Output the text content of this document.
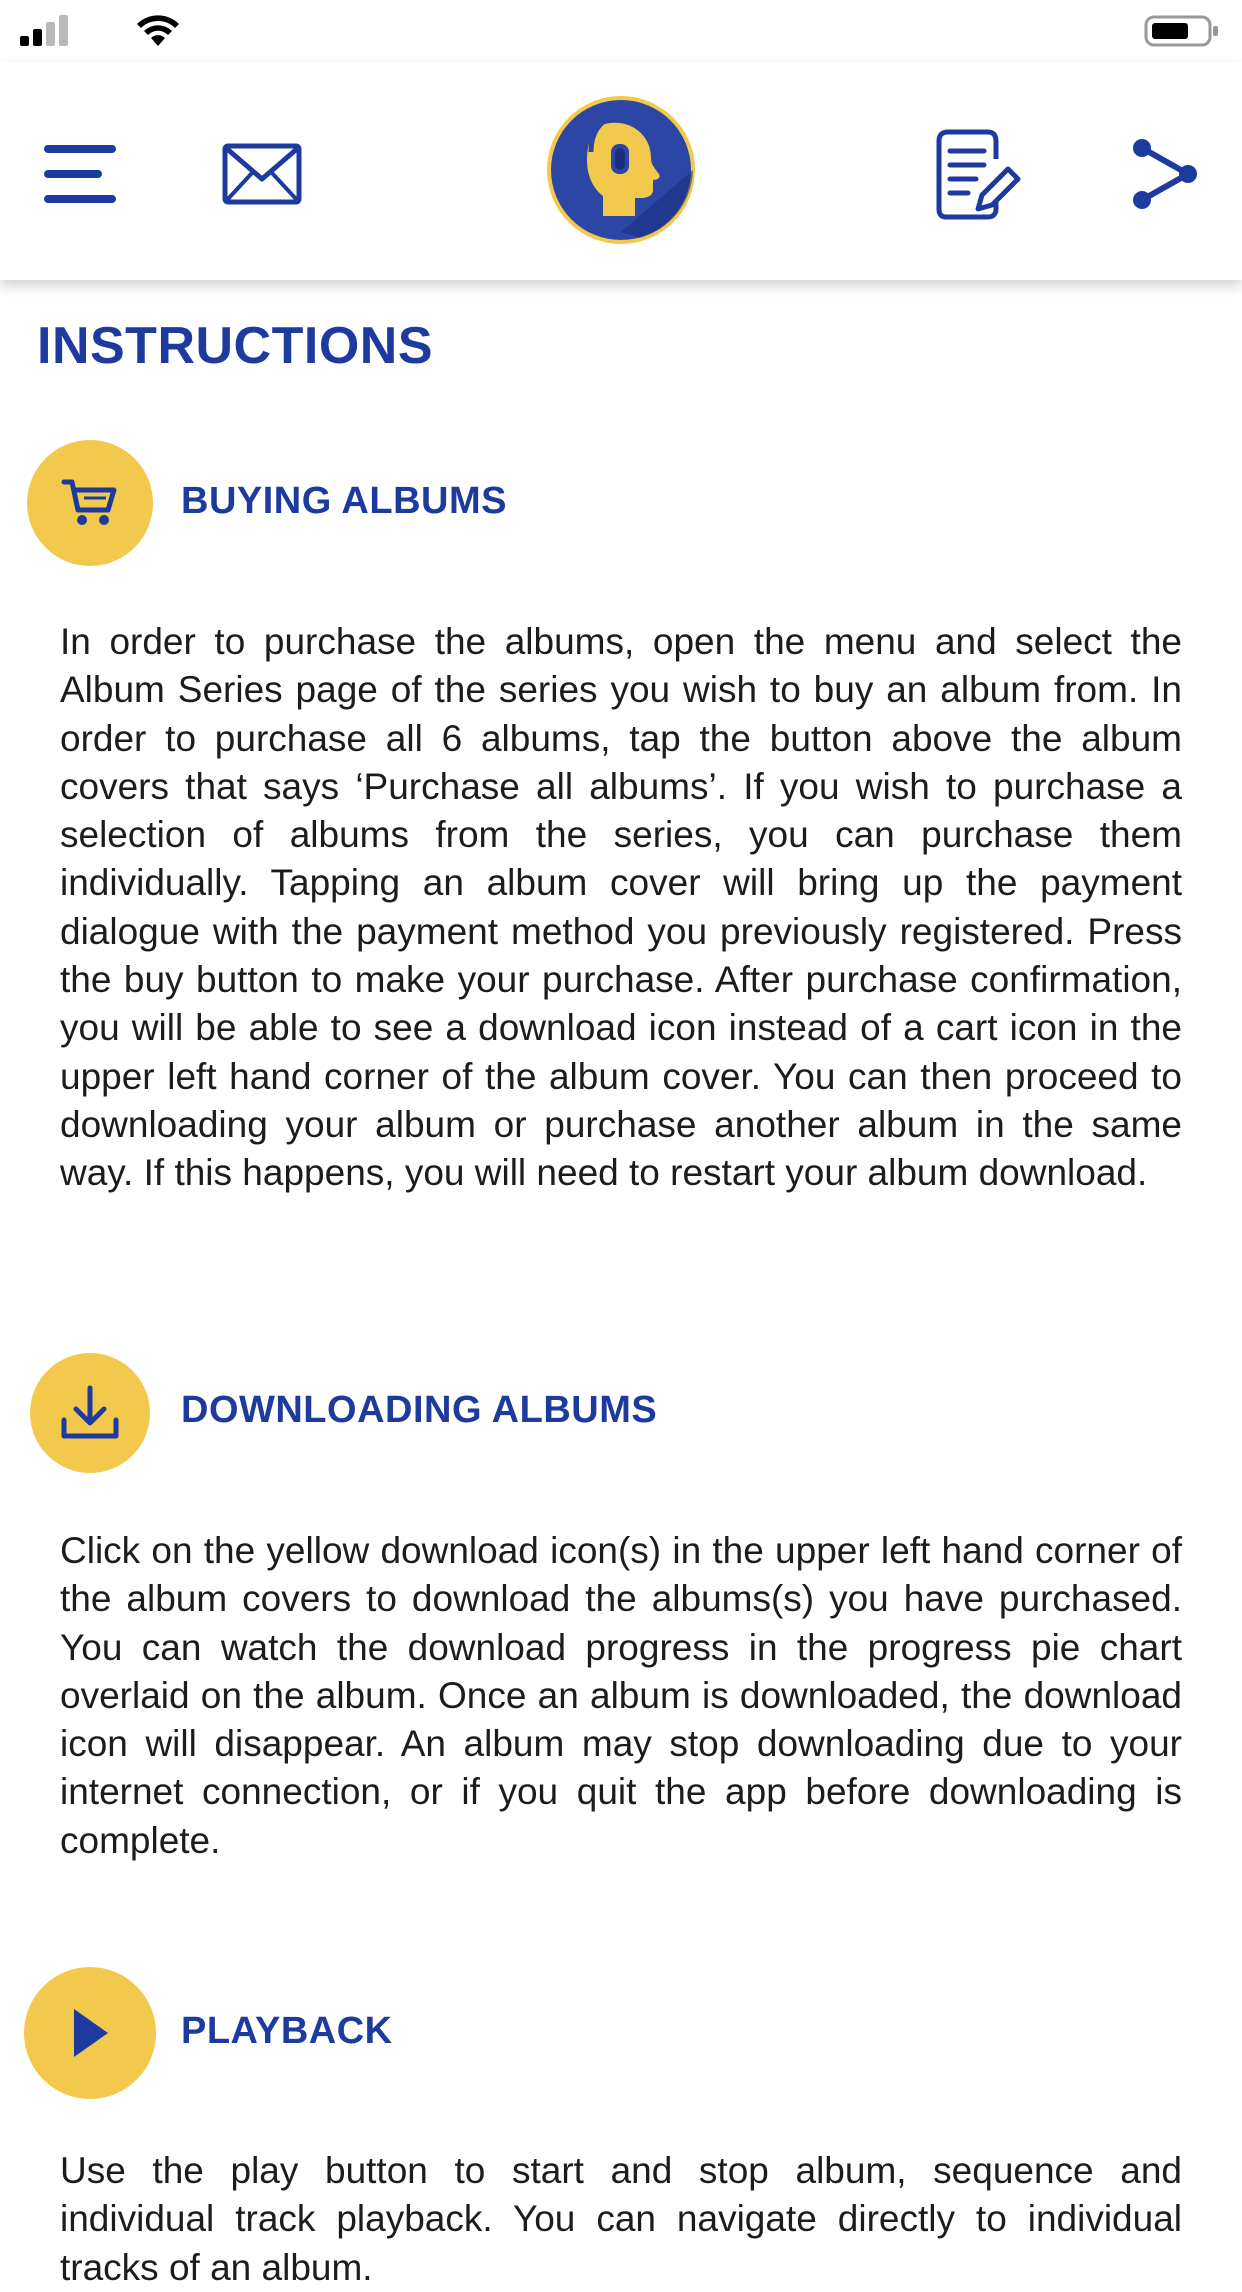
INSTRUCTIONS
BUYING ALBUMS

In order to purchase the albums, open the menu and select the Album Series page of the series you wish to buy an album from. In order to purchase all 6 albums, tap the button above the album covers that says ‘Purchase all albums’. If you wish to purchase a selection of albums from the series, you can purchase them individually. Tapping an album cover will bring up the payment dialogue with the payment method you previously registered. Press the buy button to make your purchase. After purchase confirmation, you will be able to see a download icon instead of a cart icon in the upper left hand corner of the album cover. You can then proceed to downloading your album or purchase another album in the same way. If this happens, you will need to restart your album download.

DOWNLOADING ALBUMS

Click on the yellow download icon(s) in the upper left hand corner of the album covers to download the albums(s) you have purchased. You can watch the download progress in the progress pie chart overlaid on the album. Once an album is downloaded, the download icon will disappear. An album may stop downloading due to your internet connection, or if you quit the app before downloading is complete.

PLAYBACK

Use the play button to start and stop album, sequence and individual track playback. You can navigate directly to individual tracks of an album.
